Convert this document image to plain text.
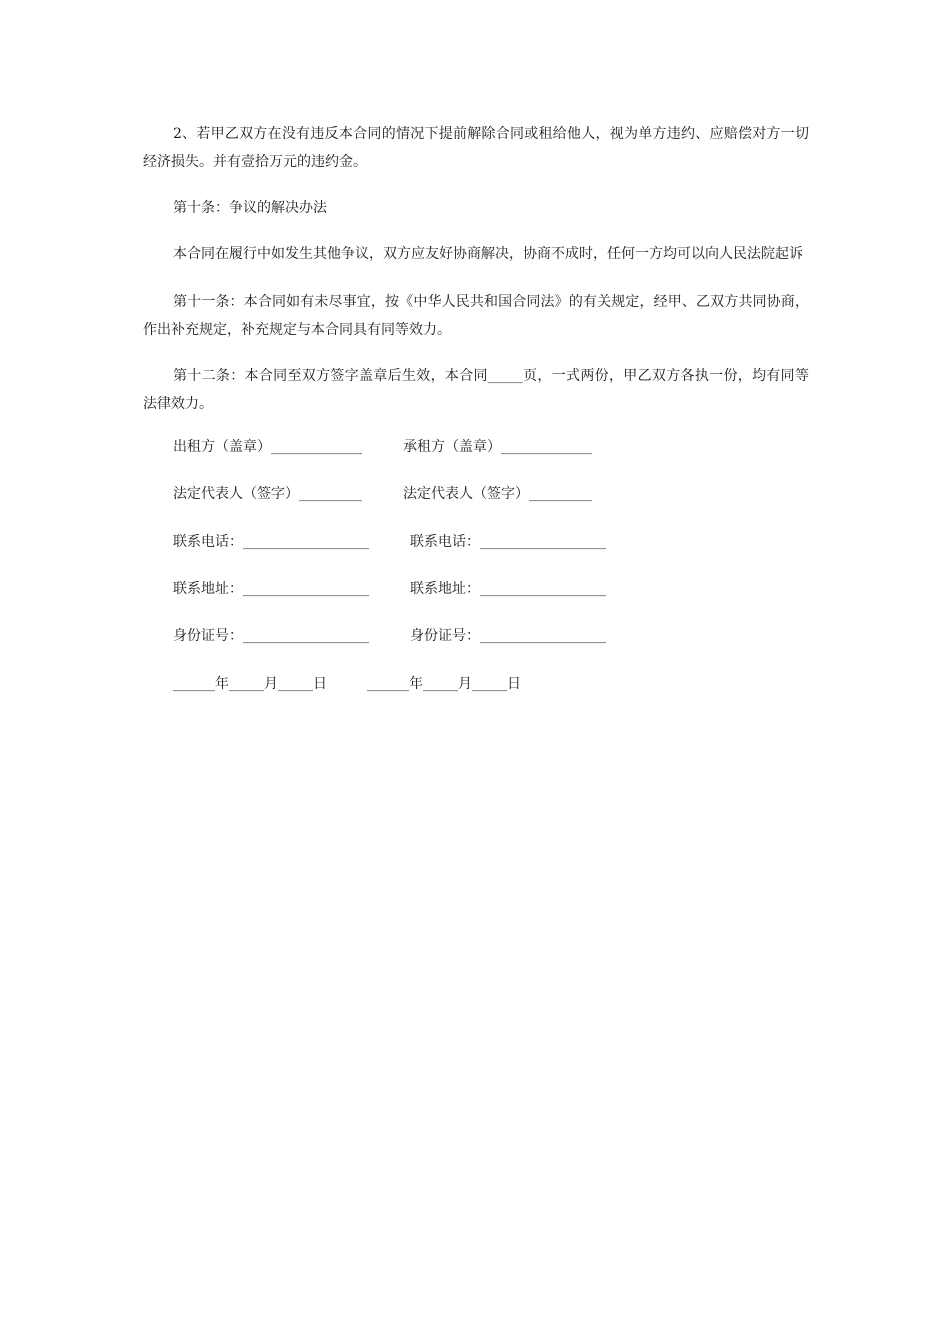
2、若甲乙双方在没有违反本合同的情况下提前解除合同或租给他人，视为单方违约、应赔偿对方一切经济损失。并有壹拾万元的违约金。

第十条：争议的解决办法

本合同在履行中如发生其他争议，双方应友好协商解决，协商不成时，任何一方均可以向人民法院起诉

第十一条：本合同如有未尽事宜，按《中华人民共和国合同法》的有关规定，经甲、乙双方共同协商，作出补充规定，补充规定与本合同具有同等效力。

第十二条：本合同至双方签字盖章后生效，本合同_____页，一式两份，甲乙双方各执一份，均有同等法律效力。

出租方（盖章）_____________	承租方（盖章）_____________
法定代表人（签字）_________	法定代表人（签字）_________
联系电话：__________________	联系电话：__________________
联系地址：__________________	联系地址：__________________
身份证号：__________________	身份证号：__________________
______年_____月_____日	______年_____月_____日
